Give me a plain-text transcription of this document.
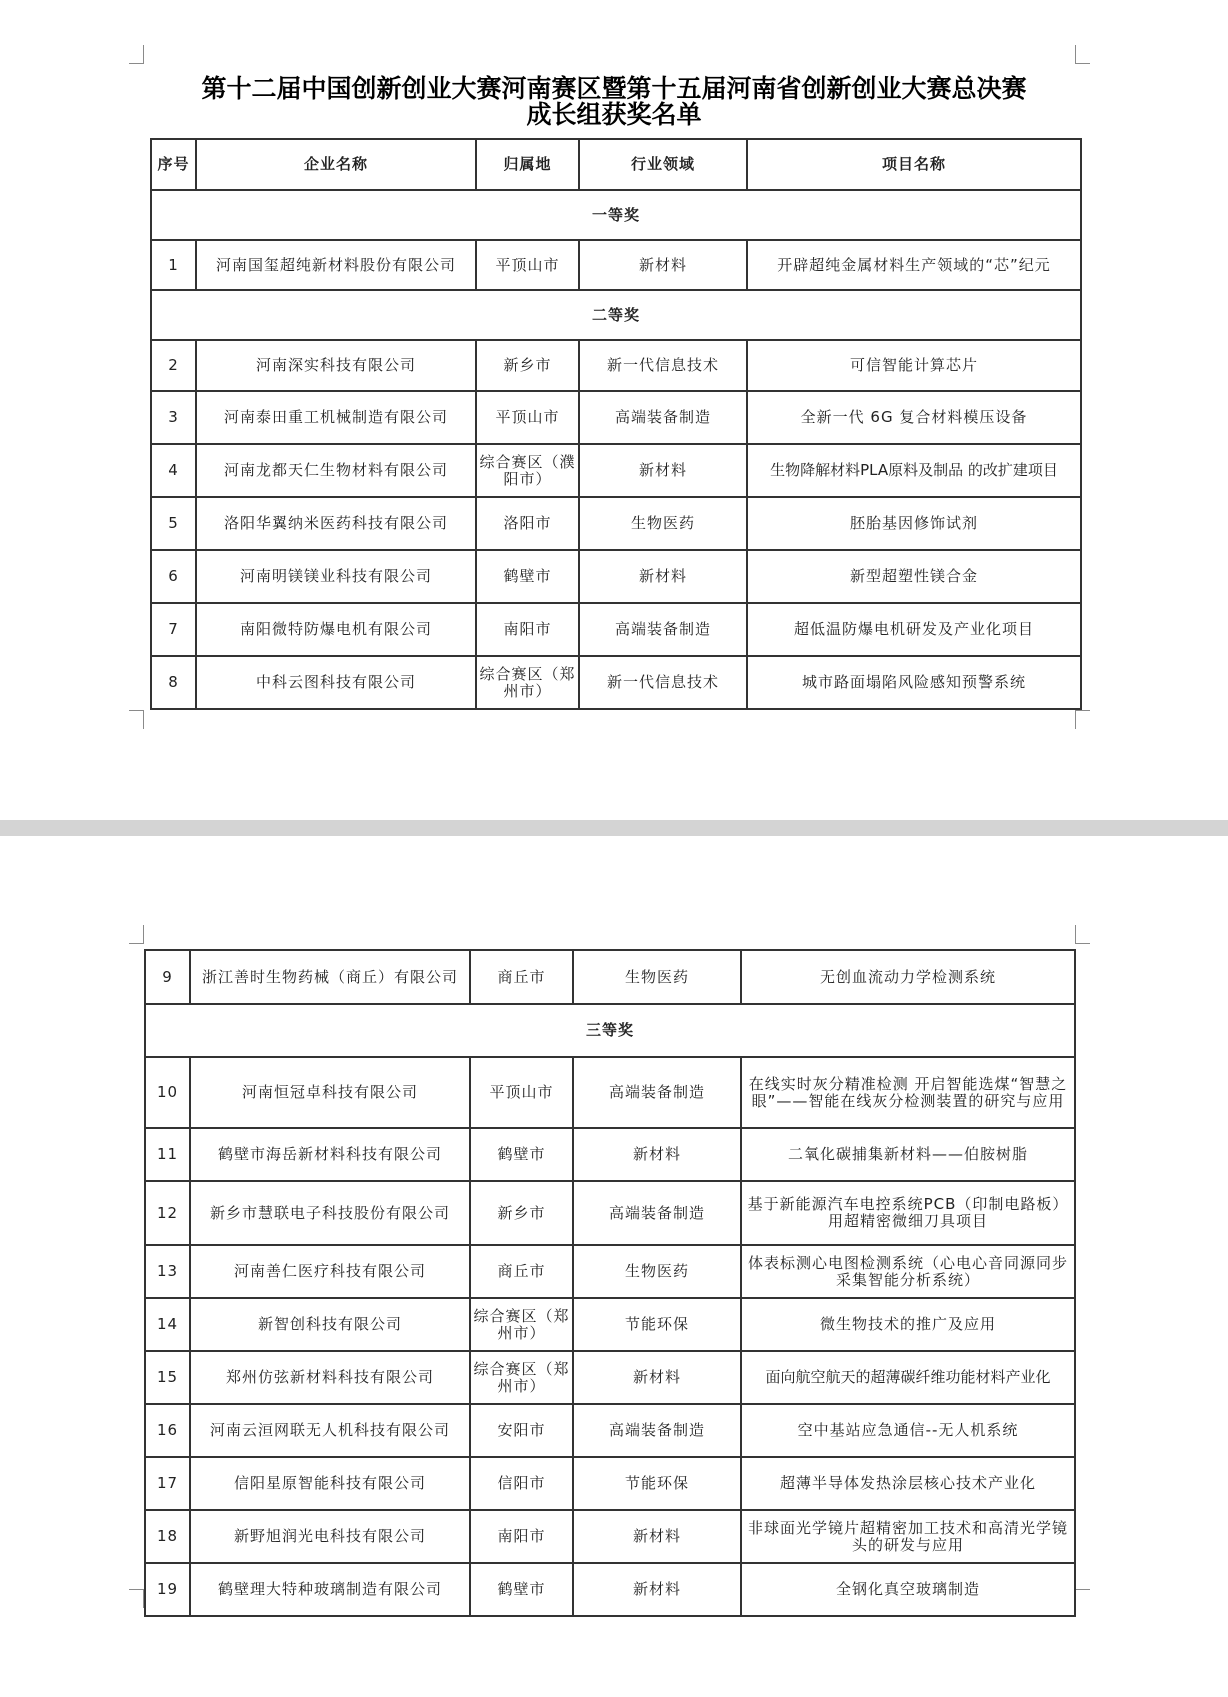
第十二届中国创新创业大赛河南赛区暨第十五届河南省创新创业大赛总决赛
成长组获奖名单
序号	企业名称	归属地	行业领域	项目名称
一等奖				
1	河南国玺超纯新材料股份有限公司	平顶山市	新材料	开辟超纯金属材料生产领域的“芯”纪元
二等奖				
2	河南深实科技有限公司	新乡市	新一代信息技术	可信智能计算芯片
3	河南泰田重工机械制造有限公司	平顶山市	高端装备制造	全新一代 6G 复合材料模压设备
4	河南龙都天仁生物材料有限公司	综合赛区（濮阳市）	新材料	生物降解材料PLA原料及制品 的改扩建项目
5	洛阳华翼纳米医药科技有限公司	洛阳市	生物医药	胚胎基因修饰试剂
6	河南明镁镁业科技有限公司	鹤壁市	新材料	新型超塑性镁合金
7	南阳微特防爆电机有限公司	南阳市	高端装备制造	超低温防爆电机研发及产业化项目
8	中科云图科技有限公司	综合赛区（郑州市）	新一代信息技术	城市路面塌陷风险感知预警系统
9	浙江善时生物药械（商丘）有限公司	商丘市	生物医药	无创血流动力学检测系统
三等奖				
10	河南恒冠卓科技有限公司	平顶山市	高端装备制造	在线实时灰分精准检测 开启智能选煤“智慧之眼”——智能在线灰分检测装置的研究与应用
11	鹤壁市海岳新材料科技有限公司	鹤壁市	新材料	二氧化碳捕集新材料——伯胺树脂
12	新乡市慧联电子科技股份有限公司	新乡市	高端装备制造	基于新能源汽车电控系统PCB（印制电路板）用超精密微细刀具项目
13	河南善仁医疗科技有限公司	商丘市	生物医药	体表标测心电图检测系统（心电心音同源同步采集智能分析系统）
14	新智创科技有限公司	综合赛区（郑州市）	节能环保	微生物技术的推广及应用
15	郑州仿弦新材料科技有限公司	综合赛区（郑州市）	新材料	面向航空航天的超薄碳纤维功能材料产业化
16	河南云洹网联无人机科技有限公司	安阳市	高端装备制造	空中基站应急通信--无人机系统
17	信阳星原智能科技有限公司	信阳市	节能环保	超薄半导体发热涂层核心技术产业化
18	新野旭润光电科技有限公司	南阳市	新材料	非球面光学镜片超精密加工技术和高清光学镜头的研发与应用
19	鹤壁理大特种玻璃制造有限公司	鹤壁市	新材料	全钢化真空玻璃制造
